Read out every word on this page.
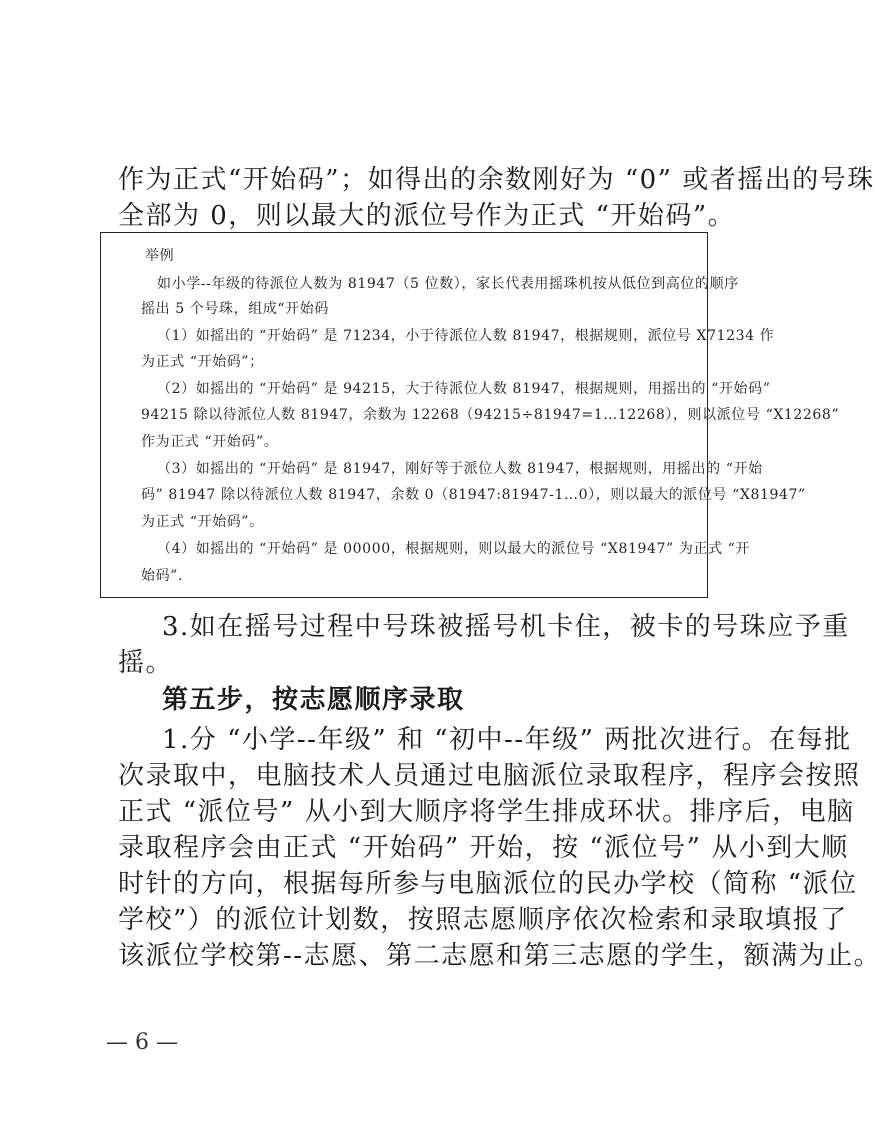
作为正式“开始码”；如得出的余数刚好为 “0” 或者摇出的号珠
全部为 0，则以最大的派位号作为正式 “开始码”。
举例
如小学--年级的待派位人数为 81947（5 位数），家长代表用摇珠机按从低位到高位的顺序
摇出 5 个号珠，组成“开始码
（1）如摇出的 “开始码” 是 71234，小于待派位人数 81947，根据规则，派位号 X71234 作
为正式 “开始码”；
（2）如摇出的 “开始码” 是 94215，大于待派位人数 81947，根据规则，用摇出的 “开始码”
94215 除以待派位人数 81947，余数为 12268（94215÷81947=1…12268），则以派位号 “X12268”
作为正式 “开始码”。
（3）如摇出的 “开始码” 是 81947，刚好等于派位人数 81947，根据规则，用摇出的 “开始
码” 81947 除以待派位人数 81947，余数 0（81947:81947-1…0），则以最大的派位号 “X81947”
为正式 “开始码”。
（4）如摇出的 “开始码” 是 00000，根据规则，则以最大的派位号 “X81947” 为正式 “开
始码”.
3.如在摇号过程中号珠被摇号机卡住，被卡的号珠应予重
摇。
第五步，按志愿顺序录取
1.分 “小学--年级” 和 “初中--年级” 两批次进行。在每批
次录取中，电脑技术人员通过电脑派位录取程序，程序会按照
正式 “派位号” 从小到大顺序将学生排成环状。排序后，电脑
录取程序会由正式 “开始码” 开始，按 “派位号” 从小到大顺
时针的方向，根据每所参与电脑派位的民办学校（简称 “派位
学校”）的派位计划数，按照志愿顺序依次检索和录取填报了
该派位学校第--志愿、第二志愿和第三志愿的学生，额满为止。
— 6 —
